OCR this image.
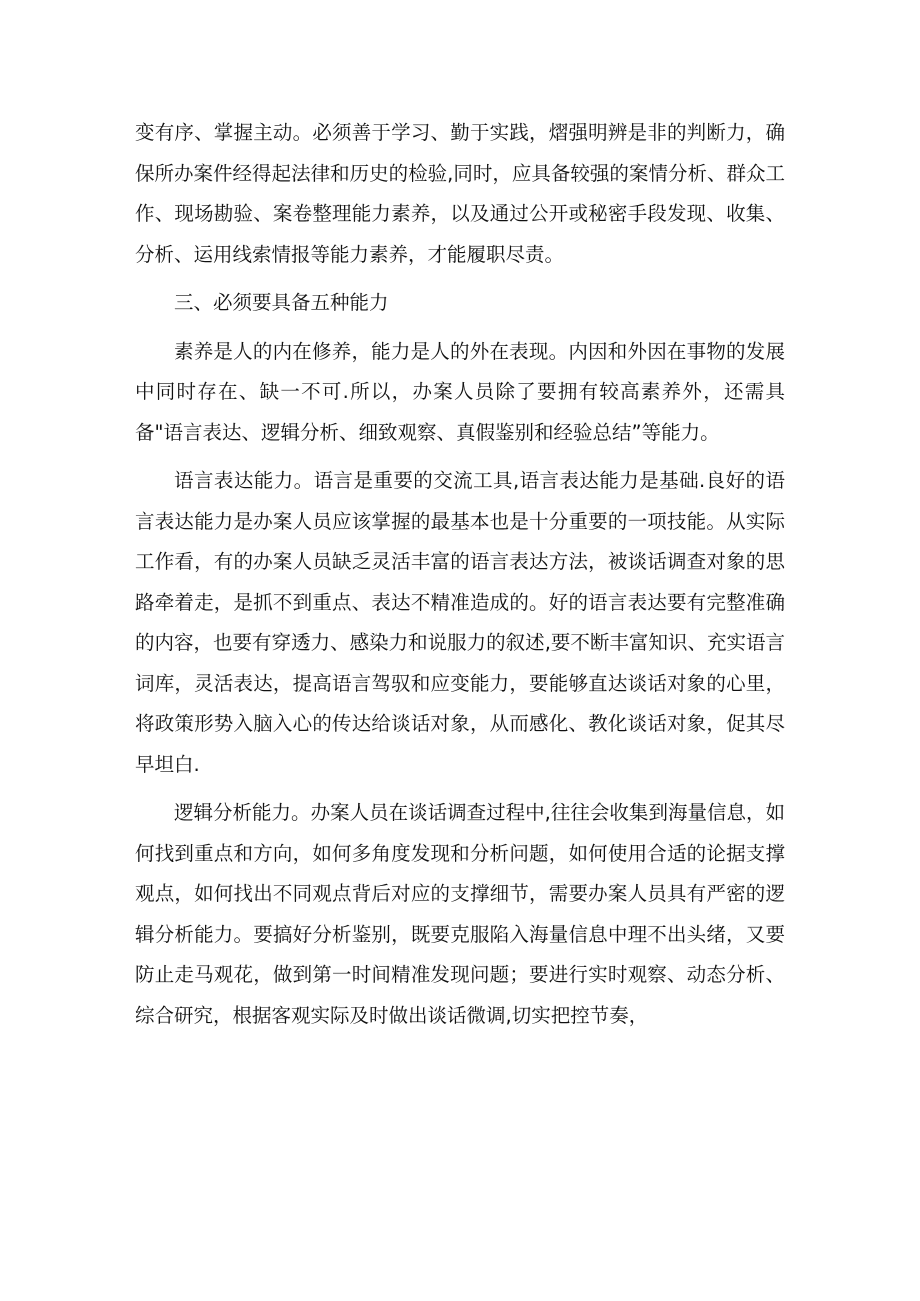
变有序、掌握主动。必须善于学习、勤于实践，熠强明辨是非的判断力，确保所办案件经得起法律和历史的检验,同时，应具备较强的案情分析、群众工作、现场勘验、案卷整理能力素养，以及通过公开或秘密手段发现、收集、分析、运用线索情报等能力素养，才能履职尽责。

三、必须要具备五种能力

素养是人的内在修养，能力是人的外在表现。内因和外因在事物的发展中同时存在、缺一不可.所以，办案人员除了要拥有较高素养外，还需具备"语言表达、逻辑分析、细致观察、真假鉴别和经验总结”等能力。

语言表达能力。语言是重要的交流工具,语言表达能力是基础.良好的语言表达能力是办案人员应该掌握的最基本也是十分重要的一项技能。从实际工作看，有的办案人员缺乏灵活丰富的语言表达方法，被谈话调查对象的思路牵着走，是抓不到重点、表达不精准造成的。好的语言表达要有完整准确的内容，也要有穿透力、感染力和说服力的叙述,要不断丰富知识、充实语言词库，灵活表达，提高语言驾驭和应变能力，要能够直达谈话对象的心里，将政策形势入脑入心的传达给谈话对象，从而感化、教化谈话对象，促其尽早坦白.

逻辑分析能力。办案人员在谈话调查过程中,往往会收集到海量信息，如何找到重点和方向，如何多角度发现和分析问题，如何使用合适的论据支撑观点，如何找出不同观点背后对应的支撑细节，需要办案人员具有严密的逻辑分析能力。要搞好分析鉴别，既要克服陷入海量信息中理不出头绪，又要防止走马观花，做到第一时间精准发现问题；要进行实时观察、动态分析、综合研究，根据客观实际及时做出谈话微调,切实把控节奏，
